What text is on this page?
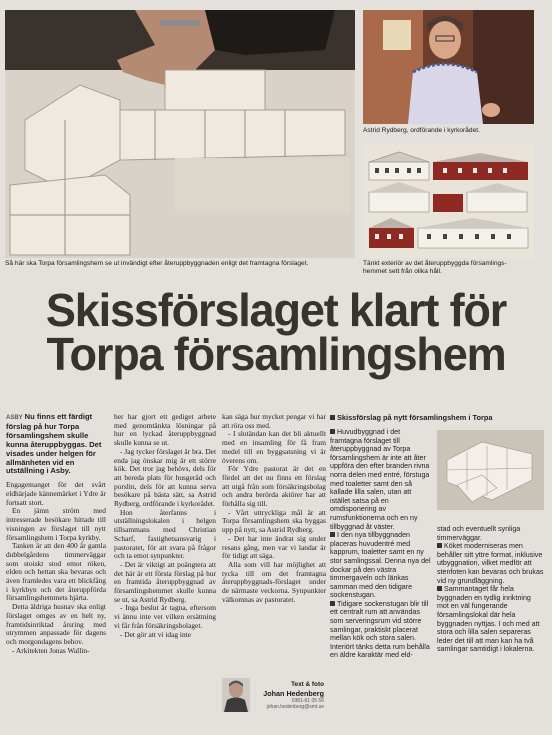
Så här ska Torpa församlingshem se ut invändigt efter återuppbyggnaden enligt det framtagna förslaget.
Astrid Rydberg, ordförande i kyrkorådet.
Tänkt exteriör av det återuppbyggda församlings-
hemmet sett från olika håll.
Skissförslaget klart för
Torpa församlingshem
ASBY Nu finns ett färdigt förslag på hur Torpa församlingshem skulle kunna återuppbyggas. Det visades under helgen för allmänheten vid en utställning i Asby.

Engagemanget för det svårt eldhärjade kännemärket i Ydre är fortsatt stort.

En jämn ström med intresserade besökare hittade till visningen av förslaget till nytt församlingshem i Torpa kyrkby.

Tanken är att den 400 år gamla dubbelgårdens timmerväggar som stoiskt stod emot röken, elden och hettan ska bevaras och även framledes vara ett blickfång i kyrkbyn och det återuppförda församlingshemmets hjärta.

Detta äldriga husnav ska enligt förslaget omges av en helt ny, framtidsinriktad årsring med utrymmen anpassade för dagens och morgondagens behov.

- Arkitekten Jonas Wallin-

her har gjort ett gediget arbete med genomtänkta lösningar på hur en lyckad återuppbyggnad skulle kunna se ut.

- Jag tycker förslaget är bra. Det enda jag önskar mig är ett större kök. Det tror jag behövs, dels för att bereda plats för husgeråd och porslin, dels för att kunna serva besökare på bästa sätt, sa Astrid Rydberg, ordförande i kyrkorådet.

Hon återfanns i utställningslokalen i helgen tillsammans med Christian Scharf, fastighetsansvarig i pastoratet, för att svara på frågor och ta emot synpunkter.

- Det är viktigt att poängtera att det här är ett första förslag på hur en framtida återuppbyggnad av församlingshemmet skulle kunna se ut, sa Astrid Rydberg.

- Inga beslut är tagna, eftersom vi ännu inte vet vilken ersättning vi får från försäkringsbolaget.

- Det gör att vi idag inte

kan säga hur mycket pengar vi har att röra oss med.

- I slutändan kan det bli aktuellt med en insamling för få fram medel till en byggsatsning vi är överens om.

För Ydre pastorat är det en fördel att det nu finns ett förslag att utgå från som försäkringsbolag och andra berörda aktörer har att förhålla sig till.

- Vårt uttryckliga mål är att Torpa församlingshem ska byggas upp på nytt, sa Astrid Rydberg.

- Det har inte ändrat sig under resans gång, men var vi landar är för tidigt att säga.

Alla som vill har möjlighet att tycka till om det framtagna återuppbyggnads-förslaget under de närmaste veckorna. Synpunkter välkomnas av pastoratet.

Text & foto
Johan Hedenberg
0381-61 05 56
johan.hedenberg@smt.se
Skissförslag på nytt församlingshem i Torpa

Huvudbyggnad i det framtagna förslaget till återuppbyggnad av Torpa församlingshem är inte att åter uppföra den efter branden rivna norra delen med entré, förstuga med toaletter samt den så kallade lilla salen, utan att istället satsa på en omdisponering av rumsfunktionerna och en ny tillbyggnad åt väster.

I den nya tillbyggnaden placeras huvudentré med kapprum, toaletter samt en ny stor samlingssal. Denna nya del dockar på den västra timmergaveln och länkas samman med den tidigare sockenstugan.

Tidigare sockenstugan blir till ett centralt rum att användas som serveringsrum vid större samlingar, praktiskt placerat mellan kök och stora salen. Interiört tänks detta rum behålla en äldre karaktär med eld-

stad och eventuellt synliga timmerväggar.

Köket moderniseras men behåller sitt yttre format, inklusive utbyggnation, vilket medför att stenfoten kan bevaras och brukas vid ny grundläggning.

Sammantaget får hela byggnaden en tydlig inriktning mot en väl fungerande församlingslokal där hela byggnaden nyttjas. I och med att stora och lilla salen separeras leder det till att man kan ha två samlingar samtidigt i lokalerna.
